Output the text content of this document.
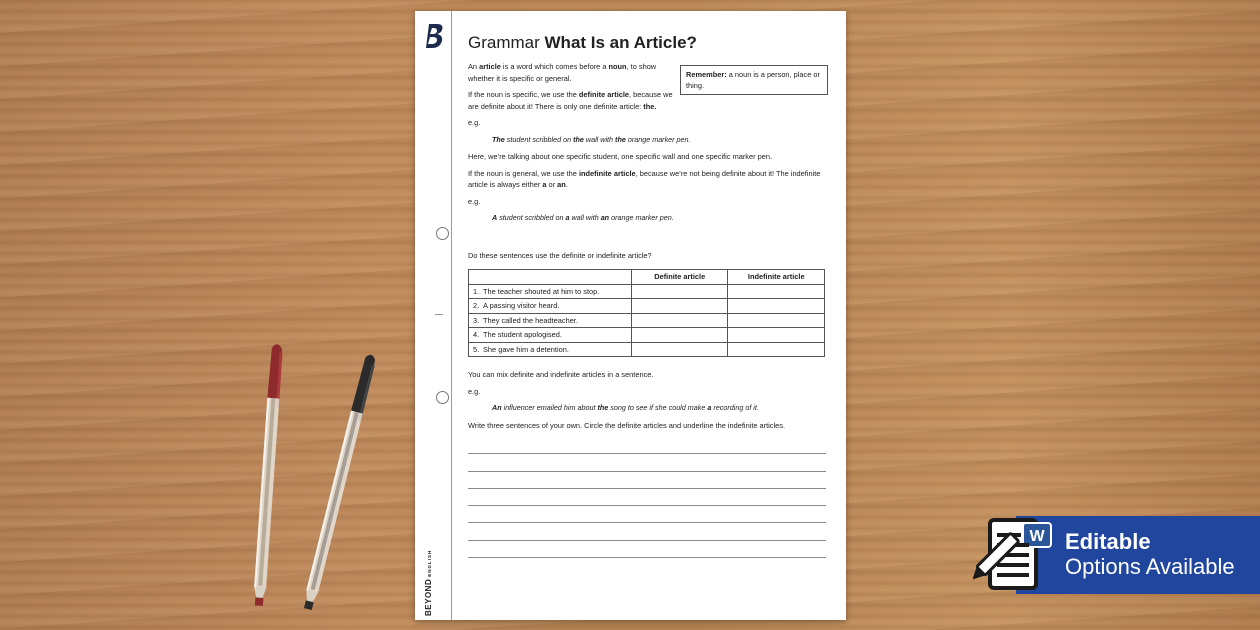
BEYONDENGLISH
Grammar What Is an Article?
Remember: a noun is a person, place or thing.

An article is a word which comes before a noun, to show whether it is specific or general.

If the noun is specific, we use the definite article, because we are definite about it! There is only one definite article: the.

e.g.

The student scribbled on the wall with the orange marker pen.

Here, we’re talking about one specific student, one specific wall and one specific marker pen.

If the noun is general, we use the indefinite article, because we’re not being definite about it! The indefinite article is always either a or an.

e.g.

A student scribbled on a wall with an orange marker pen.

Do these sentences use the definite or indefinite article?

	Definite article	Indefinite article
1. The teacher shouted at him to stop.		
2. A passing visitor heard.		
3. They called the headteacher.		
4. The student apologised.		
5. She gave him a detention.		

You can mix definite and indefinite articles in a sentence.

e.g.

An influencer emailed him about the song to see if she could make a recording of it.

Write three sentences of your own. Circle the definite articles and underline the indefinite articles.

Editable
Options Available
W
